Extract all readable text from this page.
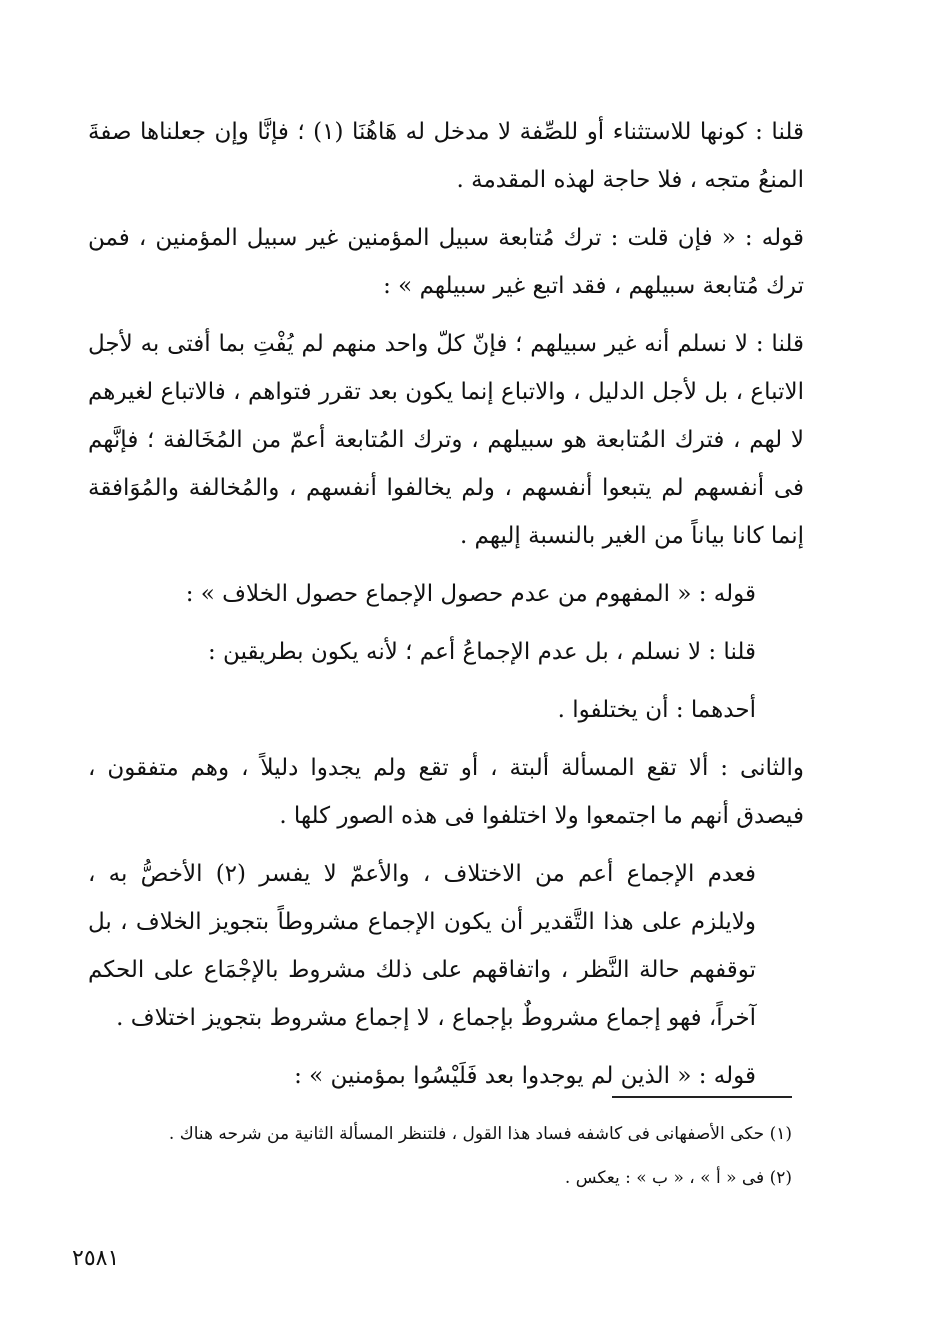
قلنا : كونها للاستثناء أو للصِّفة لا مدخل له هَاهُنَا (١) ؛ فإنَّا وإن جعلناها صفةَ المنعُ متجه ، فلا حاجة لهذه المقدمة .

قوله : « فإن قلت : ترك مُتابعة سبيل المؤمنين غير سبيل المؤمنين ، فمن ترك مُتابعة سبيلهم ، فقد اتبع غير سبيلهم » :

قلنا : لا نسلم أنه غير سبيلهم ؛ فإنّ كلّ واحد منهم لم يُفْتِ بما أفتى به لأجل الاتباع ، بل لأجل الدليل ، والاتباع إنما يكون بعد تقرر فتواهم ، فالاتباع لغيرهم لا لهم ، فترك المُتابعة هو سبيلهم ، وترك المُتابعة أعمّ من المُخَالفة ؛ فإنَّهم فى أنفسهم لم يتبعوا أنفسهم ، ولم يخالفوا أنفسهم ، والمُخالفة والمُوَافقة إنما كانا بياناً من الغير بالنسبة إليهم .

قوله : « المفهوم من عدم حصول الإجماع حصول الخلاف » :

قلنا : لا نسلم ، بل عدم الإجماعُ أعم ؛ لأنه يكون بطريقين :

أحدهما : أن يختلفوا .

والثانى : ألا تقع المسألة ألبتة ، أو تقع ولم يجدوا دليلاً ، وهم متفقون ، فيصدق أنهم ما اجتمعوا ولا اختلفوا فى هذه الصور كلها .

فعدم الإجماع أعم من الاختلاف ، والأعمّ لا يفسر (٢) الأخصُّ به ، ولايلزم على هذا التَّقدير أن يكون الإجماع مشروطاً بتجويز الخلاف ، بل توقفهم حالة النَّظر ، واتفاقهم على ذلك مشروط بالإجْمَاع على الحكم آخراً، فهو إجماع مشروطٌ بإجماع ، لا إجماع مشروط بتجويز اختلاف .

قوله : « الذين لم يوجدوا بعد فَلَيْسُوا بمؤمنين » :

(١) حكى الأصفهانى فى كاشفه فساد هذا القول ، فلتنظر المسألة الثانية من شرحه هناك .

(٢) فى « أ » ، « ب » : يعكس .

٢٥٨١
